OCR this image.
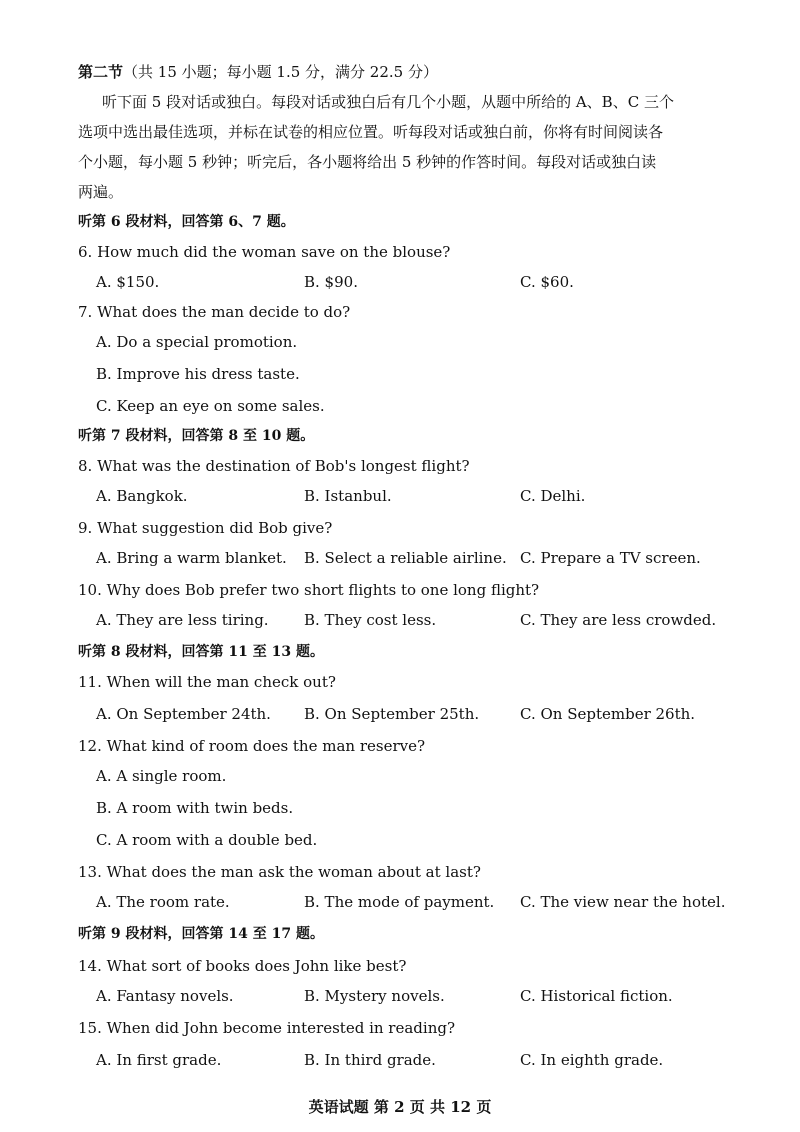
第二节（共 15 小题；每小题 1.5 分，满分 22.5 分）
听下面 5 段对话或独白。每段对话或独白后有几个小题，从题中所给的 A、B、C 三个
选项中选出最佳选项，并标在试卷的相应位置。听每段对话或独白前，你将有时间阅读各
个小题，每小题 5 秒钟；听完后，各小题将给出 5 秒钟的作答时间。每段对话或独白读
两遍。
听第 6 段材料，回答第 6、7 题。
6. How much did the woman save on the blouse?
A. $150.	B. $90.	C. $60.
7. What does the man decide to do?
A. Do a special promotion.
B. Improve his dress taste.
C. Keep an eye on some sales.
听第 7 段材料，回答第 8 至 10 题。
8. What was the destination of Bob's longest flight?
A. Bangkok.	B. Istanbul.	C. Delhi.
9. What suggestion did Bob give?
A. Bring a warm blanket. B. Select a reliable airline. C. Prepare a TV screen.
10. Why does Bob prefer two short flights to one long flight?
A. They are less tiring. B. They cost less.	C. They are less crowded.
听第 8 段材料，回答第 11 至 13 题。
11. When will the man check out?
A. On September 24th. B. On September 25th.	C. On September 26th.
12. What kind of room does the man reserve?
A. A single room.
B. A room with twin beds.
C. A room with a double bed.
13. What does the man ask the woman about at last?
A. The room rate.	B. The mode of payment. C. The view near the hotel.
听第 9 段材料，回答第 14 至 17 题。
14. What sort of books does John like best?
A. Fantasy novels.	B. Mystery novels.	C. Historical fiction.
15. When did John become interested in reading?
A. In first grade.	B. In third grade.	C. In eighth grade.
英语试题 第 2 页 共 12 页
